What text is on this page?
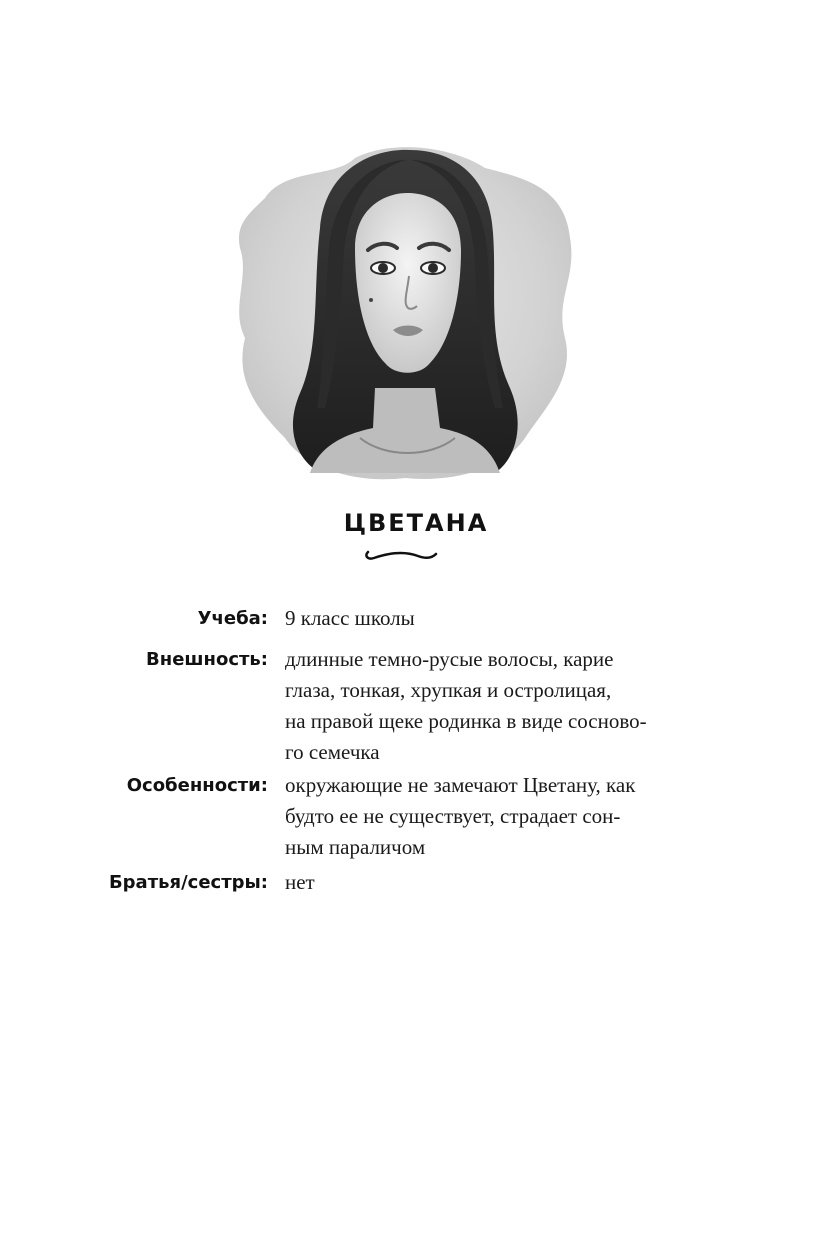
цветана
Учеба: 9 класс школы
Внешность: длинные темно-русые волосы, карие
глаза, тонкая, хрупкая и остролицая,
на правой щеке родинка в виде сосново-
го семечка
Особенности: окружающие не замечают Цветану, как
будто ее не существует, страдает сон-
ным параличом
Братья/сестры: нет
